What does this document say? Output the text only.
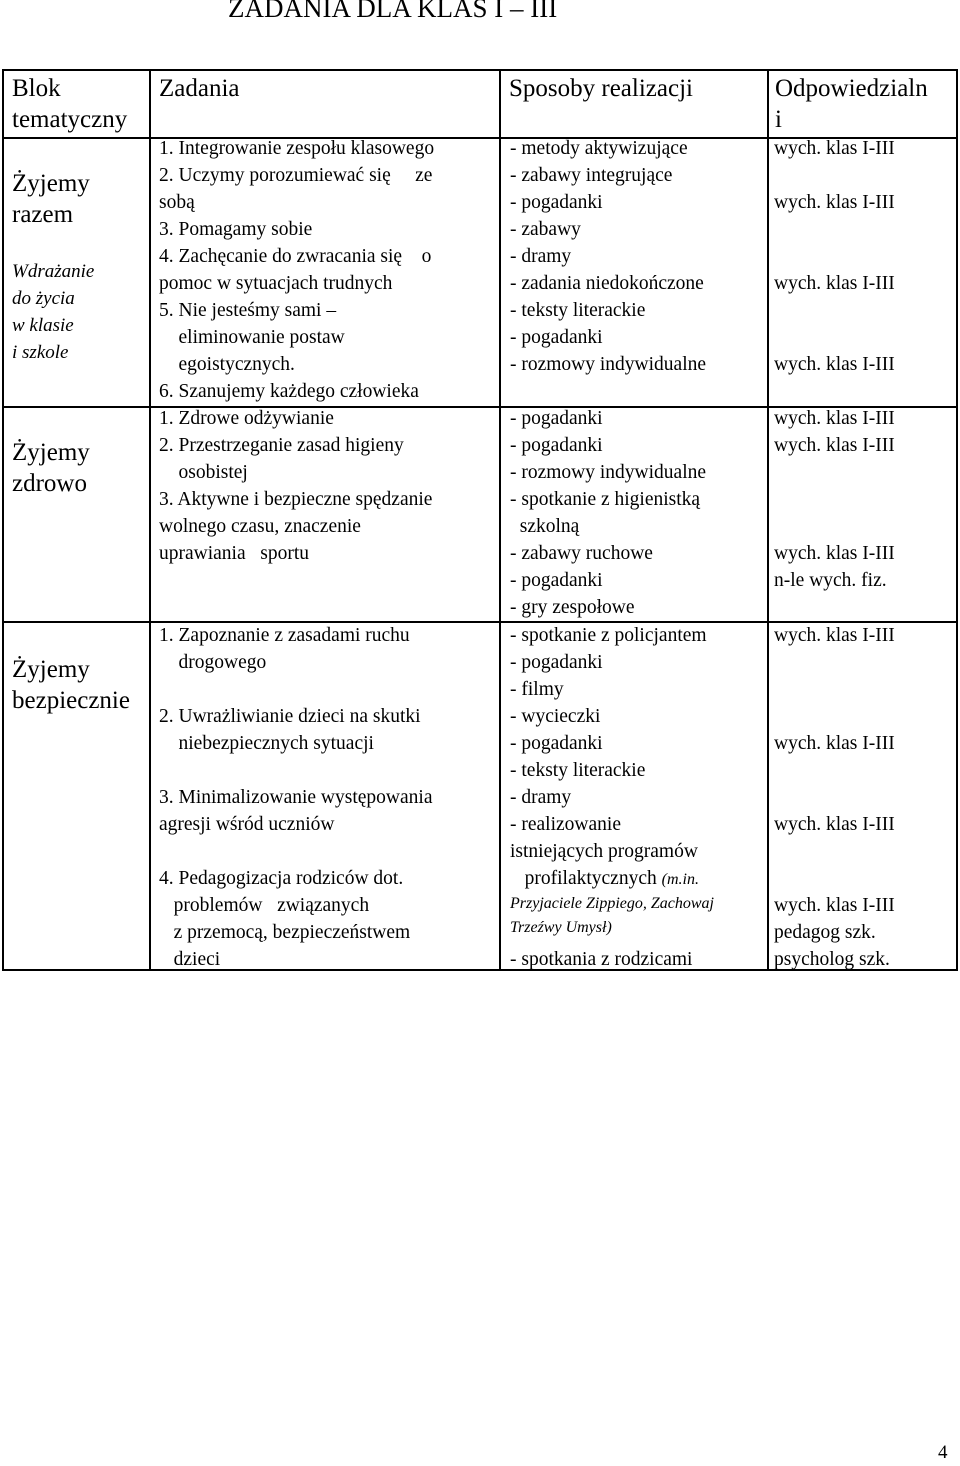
ZADANIA DLA KLAS I – III
Blok
tematyczny
Zadania	Sposoby realizacji	Odpowiedzialn
i
Żyjemy
razem
Wdrażanie
do życia
w klasie
i szkole
1. Integrowanie zespołu klasowego
2. Uczymy porozumiewać się     ze
sobą
3. Pomagamy sobie
4. Zachęcanie do zwracania się    o
pomoc w sytuacjach trudnych
5. Nie jesteśmy sami –
eliminowanie postaw
egoistycznych.
6. Szanujemy każdego człowieka
- metody aktywizujące
- zabawy integrujące
- pogadanki
- zabawy
- dramy
- zadania niedokończone
- teksty literackie
- pogadanki
- rozmowy indywidualne
wych. klas I-III
wych. klas I-III
wych. klas I-III
wych. klas I-III
Żyjemy
zdrowo
1. Zdrowe odżywianie
2. Przestrzeganie zasad higieny
osobistej
3. Aktywne i bezpieczne spędzanie
wolnego czasu, znaczenie
uprawiania   sportu
- pogadanki
- pogadanki
- rozmowy indywidualne
- spotkanie z higienistką
szkolną
- zabawy ruchowe
- pogadanki
- gry zespołowe
wych. klas I-III
wych. klas I-III
wych. klas I-III
n-le wych. fiz.
Żyjemy
bezpiecznie
1. Zapoznanie z zasadami ruchu
drogowego
2. Uwrażliwianie dzieci na skutki
niebezpiecznych sytuacji
3. Minimalizowanie występowania
agresji wśród uczniów
4. Pedagogizacja rodziców dot.
problemów   związanych
z przemocą, bezpieczeństwem
dzieci
- spotkanie z policjantem
- pogadanki
- filmy
- wycieczki
- pogadanki
- teksty literackie
- dramy
- realizowanie
istniejących programów
profilaktycznych (m.in.
Przyjaciele Zippiego, Zachowaj
Trzeźwy Umysł)
- spotkania z rodzicami
wych. klas I-III
wych. klas I-III
wych. klas I-III
wych. klas I-III
pedagog szk.
psycholog szk.
4
